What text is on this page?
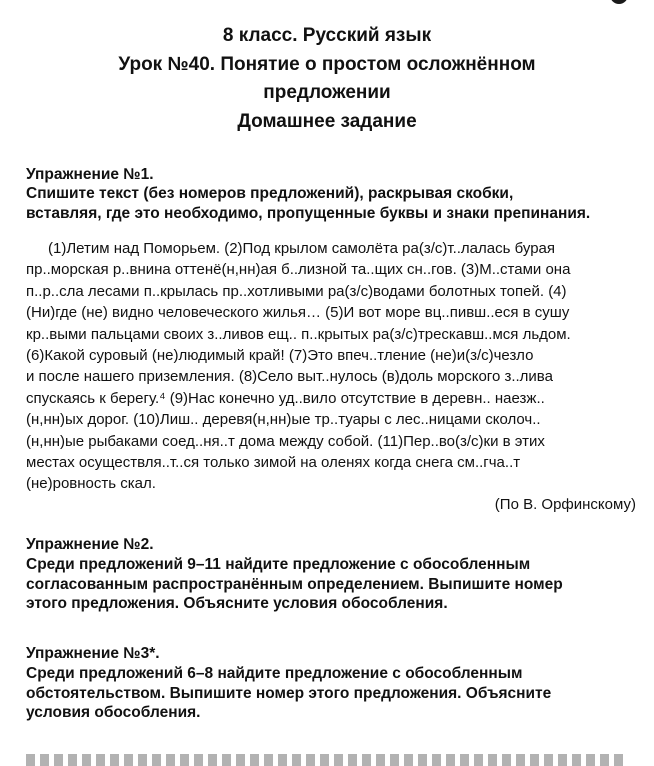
8 класс. Русский язык
Урок №40. Понятие о простом осложнённом
предложении
Домашнее задание
Упражнение №1.
Спишите текст (без номеров предложений), раскрывая скобки,
вставляя, где это необходимо, пропущенные буквы и знаки препинания.
(1)Летим над Поморьем. (2)Под крылом самолёта ра(з/с)т..лалась бурая
пр..морская р..внина оттенё(н,нн)ая б..лизной та..щих сн..гов. (3)М..стами она
п..р..сла лесами п..крылась пр..хотливыми ра(з/с)водами болотных топей. (4)
(Ни)где (не) видно человеческого жилья… (5)И вот море вц..пивш..еся в сушу
кр..выми пальцами своих з..ливов ещ.. п..крытых ра(з/с)трескавш..мся льдом.
(6)Какой суровый (не)людимый край! (7)Это впеч..тление (не)и(з/с)чезло
и после нашего приземления. (8)Село выт..нулось (в)доль морского з..лива
спускаясь к берегу.⁴ (9)Нас конечно уд..вило отсутствие в деревн.. наезж..
(н,нн)ых дорог. (10)Лиш.. деревя(н,нн)ые тр..туары с лес..ницами сколоч..
(н,нн)ые рыбаками соед..ня..т дома между собой. (11)Пер..во(з/с)ки в этих
местах осуществля..т..ся только зимой на оленях когда снега см..гча..т
(не)ровность скал.
(По В. Орфинскому)
Упражнение №2.
Среди предложений 9–11 найдите предложение с обособленным
согласованным распространённым определением. Выпишите номер
этого предложения. Объясните условия обособления.
Упражнение №3*.
Среди предложений 6–8 найдите предложение с обособленным
обстоятельством. Выпишите номер этого предложения. Объясните
условия обособления.
